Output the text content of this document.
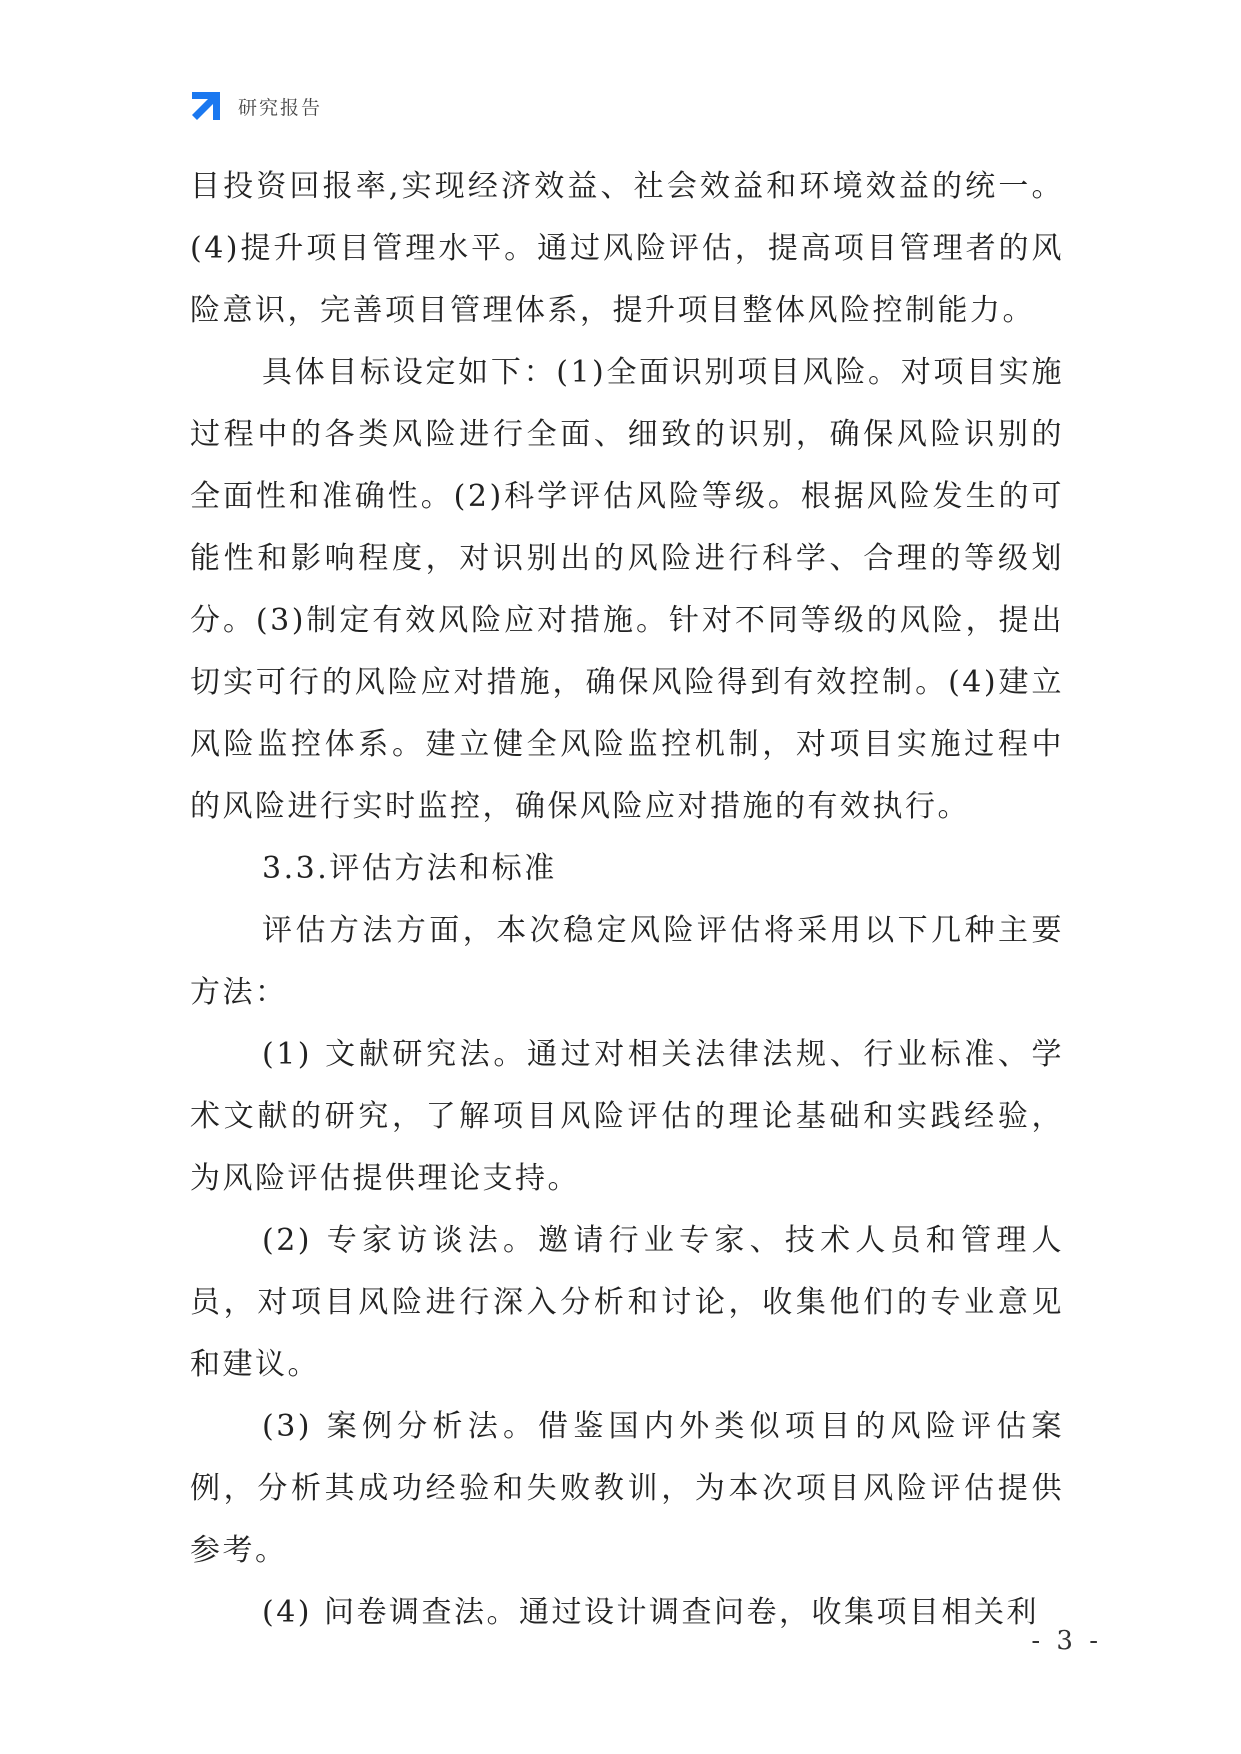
研究报告

目投资回报率,实现经济效益、社会效益和环境效益的统一。(4)提升项目管理水平。通过风险评估，提高项目管理者的风险意识，完善项目管理体系，提升项目整体风险控制能力。

具体目标设定如下：(1)全面识别项目风险。对项目实施过程中的各类风险进行全面、细致的识别，确保风险识别的全面性和准确性。(2)科学评估风险等级。根据风险发生的可能性和影响程度，对识别出的风险进行科学、合理的等级划分。(3)制定有效风险应对措施。针对不同等级的风险，提出切实可行的风险应对措施，确保风险得到有效控制。(4)建立风险监控体系。建立健全风险监控机制，对项目实施过程中的风险进行实时监控，确保风险应对措施的有效执行。

3.3.评估方法和标准

评估方法方面，本次稳定风险评估将采用以下几种主要方法：

(1) 文献研究法。通过对相关法律法规、行业标准、学术文献的研究，了解项目风险评估的理论基础和实践经验，为风险评估提供理论支持。

(2) 专家访谈法。邀请行业专家、技术人员和管理人员，对项目风险进行深入分析和讨论，收集他们的专业意见和建议。

(3) 案例分析法。借鉴国内外类似项目的风险评估案例，分析其成功经验和失败教训，为本次项目风险评估提供参考。

(4) 问卷调查法。通过设计调查问卷，收集项目相关利

- 3 -
